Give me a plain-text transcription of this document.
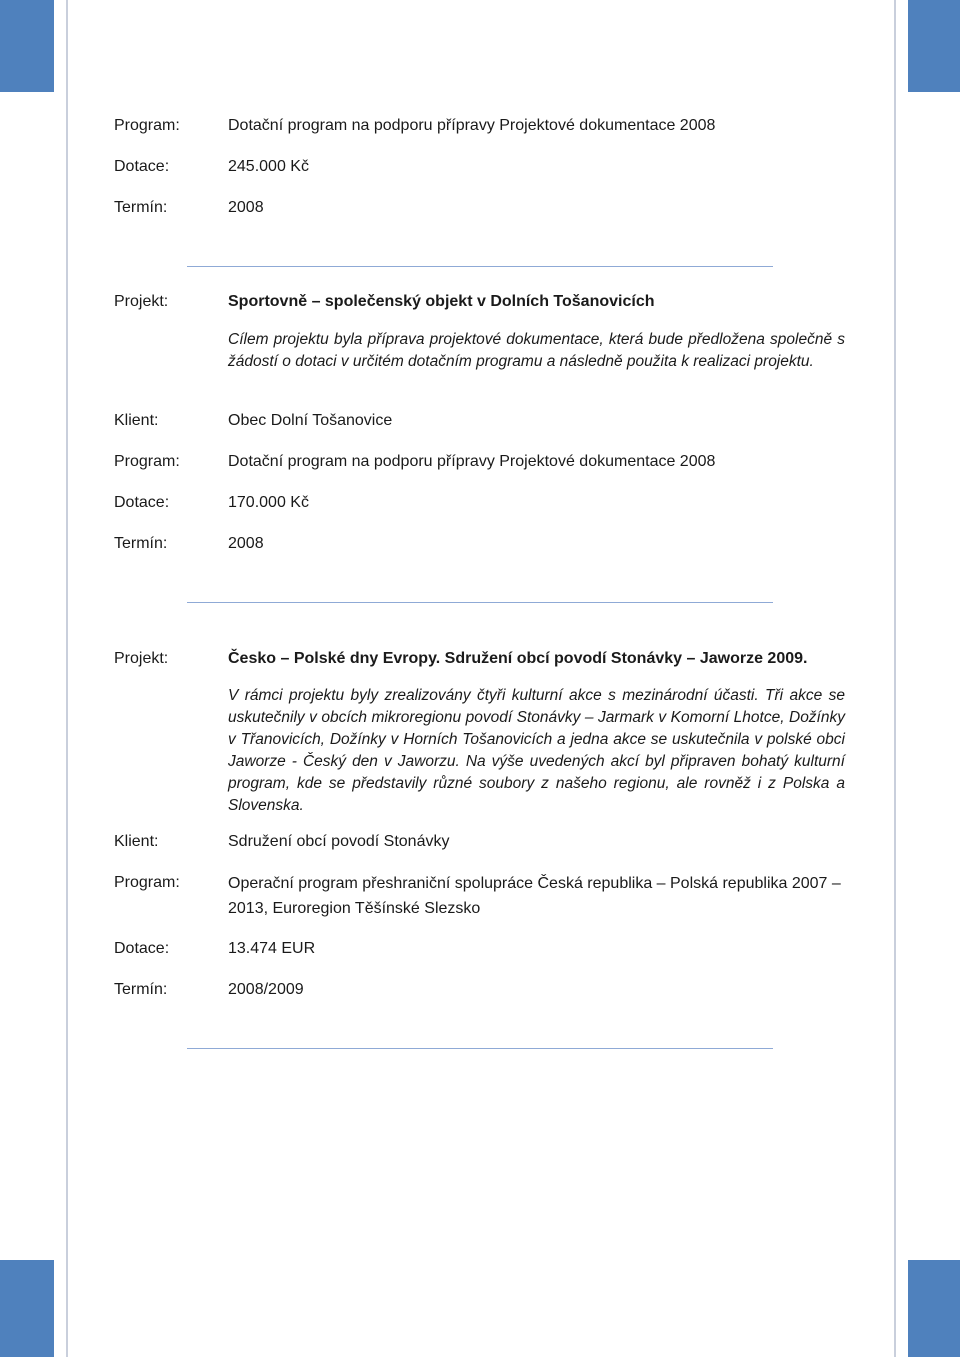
Program:	Dotační program na podporu přípravy Projektové dokumentace 2008
Dotace:	245.000 Kč
Termín:	2008
Projekt:	Sportovně – společenský objekt v Dolních Tošanovicích
Cílem projektu byla příprava projektové dokumentace, která bude předložena společně s žádostí o dotaci v určitém dotačním programu a následně použita k realizaci projektu.
Klient:	Obec Dolní Tošanovice
Program:	Dotační program na podporu přípravy Projektové dokumentace 2008
Dotace:	170.000 Kč
Termín:	2008
Projekt:	Česko – Polské dny Evropy. Sdružení obcí povodí Stonávky – Jaworze 2009.
V rámci projektu byly zrealizovány čtyři kulturní akce s mezinárodní účasti. Tři akce se uskutečnily v obcích mikroregionu povodí Stonávky – Jarmark v Komorní Lhotce, Dožínky v Třanovicích, Dožínky v Horních Tošanovicích a jedna akce se uskutečnila v polské obci Jaworze - Český den v Jaworzu. Na výše uvedených akcí byl připraven bohatý kulturní program, kde se představily různé soubory z našeho regionu, ale rovněž i z Polska a Slovenska.
Klient:	Sdružení obcí povodí Stonávky
Program:	Operační program přeshraniční spolupráce Česká republika – Polská republika 2007 – 2013, Euroregion Těšínské Slezsko
Dotace:	13.474 EUR
Termín:	2008/2009
